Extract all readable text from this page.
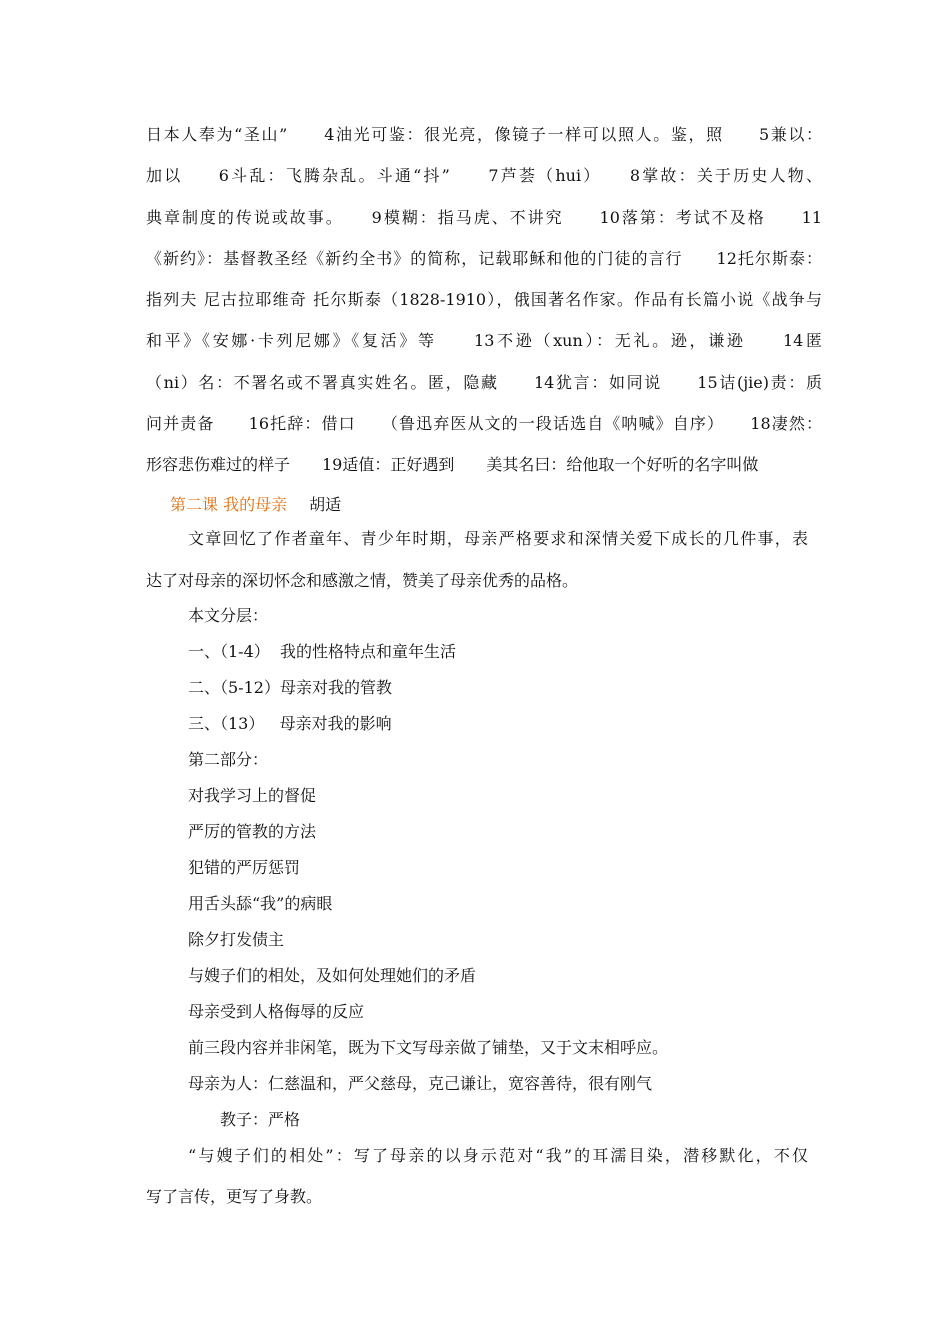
日本人奉为“圣山”　　4油光可鉴：很光亮，像镜子一样可以照人。鉴，照　　5兼以：
加以　　6斗乱：飞腾杂乱。斗通“抖”　　7芦荟（hui）　　8掌故：关于历史人物、
典章制度的传说或故事。　　9模糊：指马虎、不讲究　　10落第：考试不及格　　11
《新约》：基督教圣经《新约全书》的简称，记载耶稣和他的门徒的言行　　12托尔斯泰：
指列夫 尼古拉耶维奇 托尔斯泰（1828-1910），俄国著名作家。作品有长篇小说《战争与
和平》《安娜·卡列尼娜》《复活》等　　13不逊（xun）：无礼。逊，谦逊　　14匿
（ni）名：不署名或不署真实姓名。匿，隐藏　　14犹言：如同说　　15诘(jie)责：质
问并责备　　16托辞：借口　　（鲁迅弃医从文的一段话选自《呐喊》自序）　　18凄然：
形容悲伤难过的样子　　19适值：正好遇到　　美其名曰：给他取一个好听的名字叫做
第二课 我的母亲 胡适
文章回忆了作者童年、青少年时期，母亲严格要求和深情关爱下成长的几件事，表
达了对母亲的深切怀念和感激之情，赞美了母亲优秀的品格。
本文分层：
一、（1-4）  我的性格特点和童年生活
二、（5-12）母亲对我的管教
三、（13）   母亲对我的影响
第二部分：
对我学习上的督促
严厉的管教的方法
犯错的严厉惩罚
用舌头舔“我”的病眼
除夕打发债主
与嫂子们的相处，及如何处理她们的矛盾
母亲受到人格侮辱的反应
前三段内容并非闲笔，既为下文写母亲做了铺垫，又于文末相呼应。
母亲为人：仁慈温和，严父慈母，克己谦让，宽容善待，很有刚气
教子：严格
“与嫂子们的相处”：写了母亲的以身示范对“我”的耳濡目染，潜移默化，不仅
写了言传，更写了身教。
